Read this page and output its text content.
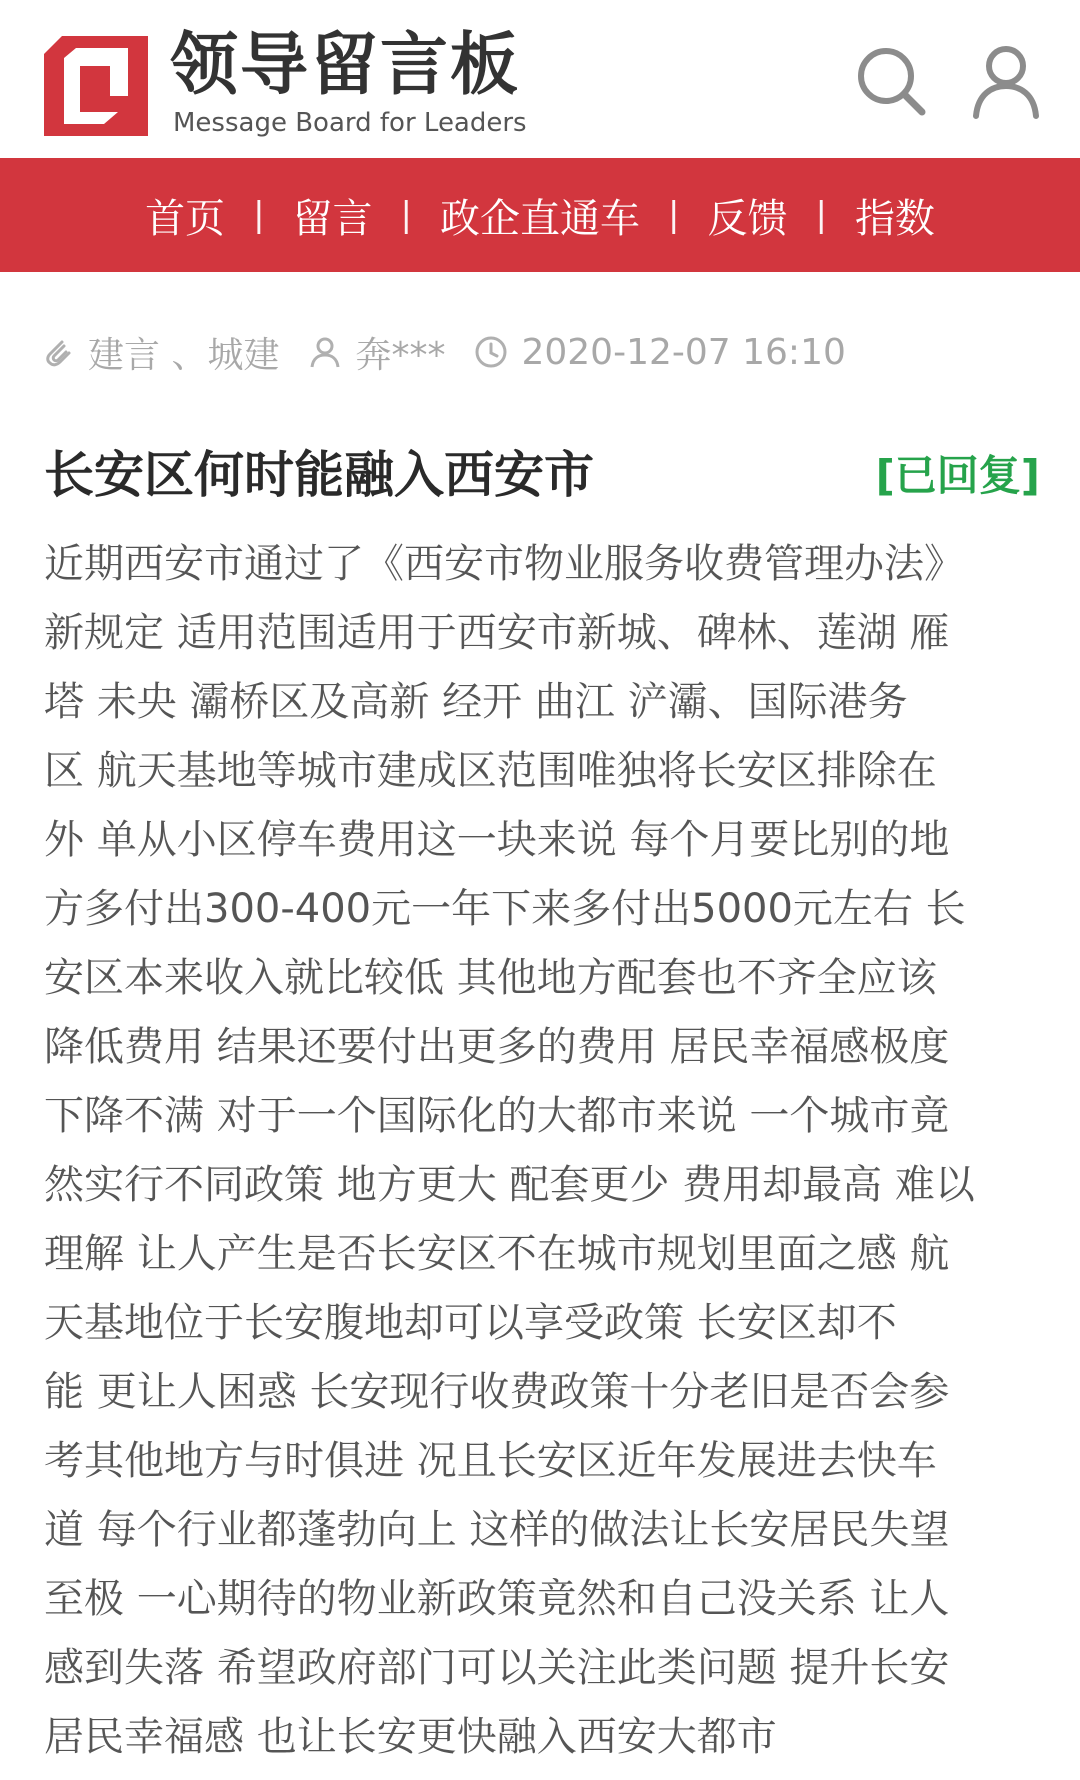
领导留言板
Message Board for Leaders
首页 | 留言 | 政企直通车 | 反馈 | 指数
建言 、城建 奔*** 2020-12-07 16:10
长安区何时能融入西安市	[已回复]
近期西安市通过了《西安市物业服务收费管理办法》
新规定 适用范围适用于西安市新城、碑林、莲湖 雁
塔 未央 灞桥区及高新 经开 曲江 浐灞、国际港务
区 航天基地等城市建成区范围唯独将长安区排除在
外 单从小区停车费用这一块来说 每个月要比别的地
方多付出300-400元一年下来多付出5000元左右 长
安区本来收入就比较低 其他地方配套也不齐全应该
降低费用 结果还要付出更多的费用 居民幸福感极度
下降不满 对于一个国际化的大都市来说 一个城市竟
然实行不同政策 地方更大 配套更少 费用却最高 难以
理解 让人产生是否长安区不在城市规划里面之感 航
天基地位于长安腹地却可以享受政策 长安区却不
能 更让人困惑 长安现行收费政策十分老旧是否会参
考其他地方与时俱进 况且长安区近年发展进去快车
道 每个行业都蓬勃向上 这样的做法让长安居民失望
至极 一心期待的物业新政策竟然和自己没关系 让人
感到失落 希望政府部门可以关注此类问题 提升长安
居民幸福感 也让长安更快融入西安大都市
